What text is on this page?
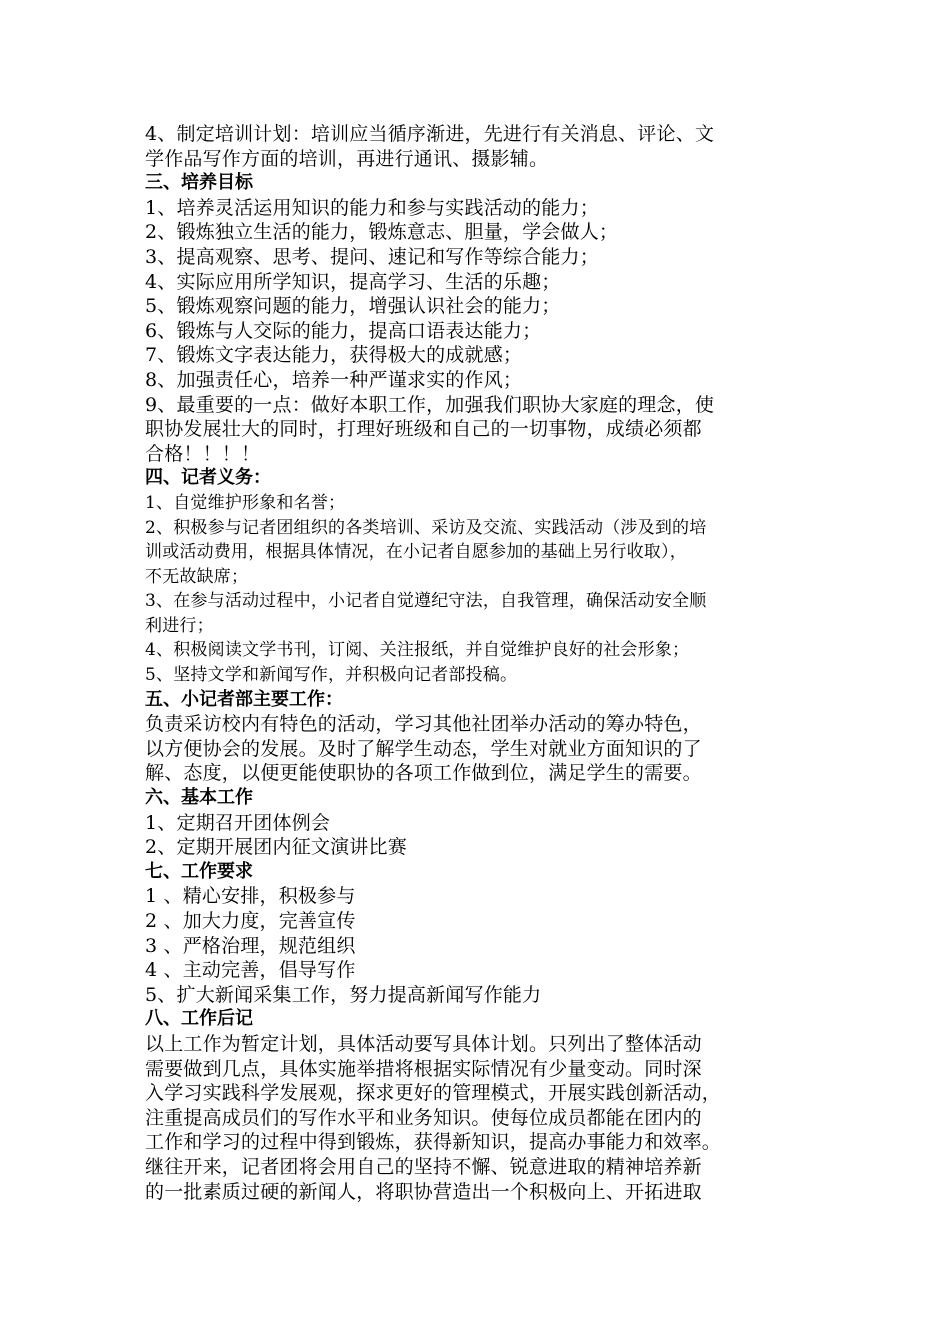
4、制定培训计划：培训应当循序渐进，先进行有关消息、评论、文
学作品写作方面的培训，再进行通讯、摄影辅。
三、培养目标
1、培养灵活运用知识的能力和参与实践活动的能力；
2、锻炼独立生活的能力，锻炼意志、胆量，学会做人；
3、提高观察、思考、提问、速记和写作等综合能力；
4、实际应用所学知识，提高学习、生活的乐趣；
5、锻炼观察问题的能力，增强认识社会的能力；
6、锻炼与人交际的能力，提高口语表达能力；
7、锻炼文字表达能力，获得极大的成就感；
8、加强责任心，培养一种严谨求实的作风；
9、最重要的一点：做好本职工作，加强我们职协大家庭的理念，使
职协发展壮大的同时，打理好班级和自己的一切事物，成绩必须都
合格！！！！
四、记者义务：
1、自觉维护形象和名誉；
2、积极参与记者团组织的各类培训、采访及交流、实践活动（涉及到的培
训或活动费用，根据具体情况，在小记者自愿参加的基础上另行收取），
不无故缺席；
3、在参与活动过程中，小记者自觉遵纪守法，自我管理，确保活动安全顺
利进行；
4、积极阅读文学书刊，订阅、关注报纸，并自觉维护良好的社会形象；
5、坚持文学和新闻写作，并积极向记者部投稿。
五、小记者部主要工作：
负责采访校内有特色的活动，学习其他社团举办活动的筹办特色，
以方便协会的发展。及时了解学生动态，学生对就业方面知识的了
解、态度，以便更能使职协的各项工作做到位，满足学生的需要。
六、基本工作
1、定期召开团体例会
2、定期开展团内征文演讲比赛
七、工作要求
1 、精心安排，积极参与
2 、加大力度，完善宣传
3 、严格治理，规范组织
4 、主动完善，倡导写作
5、扩大新闻采集工作，努力提高新闻写作能力
八、工作后记
以上工作为暂定计划，具体活动要写具体计划。只列出了整体活动
需要做到几点，具体实施举措将根据实际情况有少量变动。同时深
入学习实践科学发展观，探求更好的管理模式，开展实践创新活动，
注重提高成员们的写作水平和业务知识。使每位成员都能在团内的
工作和学习的过程中得到锻炼，获得新知识，提高办事能力和效率。
继往开来，记者团将会用自己的坚持不懈、锐意进取的精神培养新
的一批素质过硬的新闻人，将职协营造出一个积极向上、开拓进取
